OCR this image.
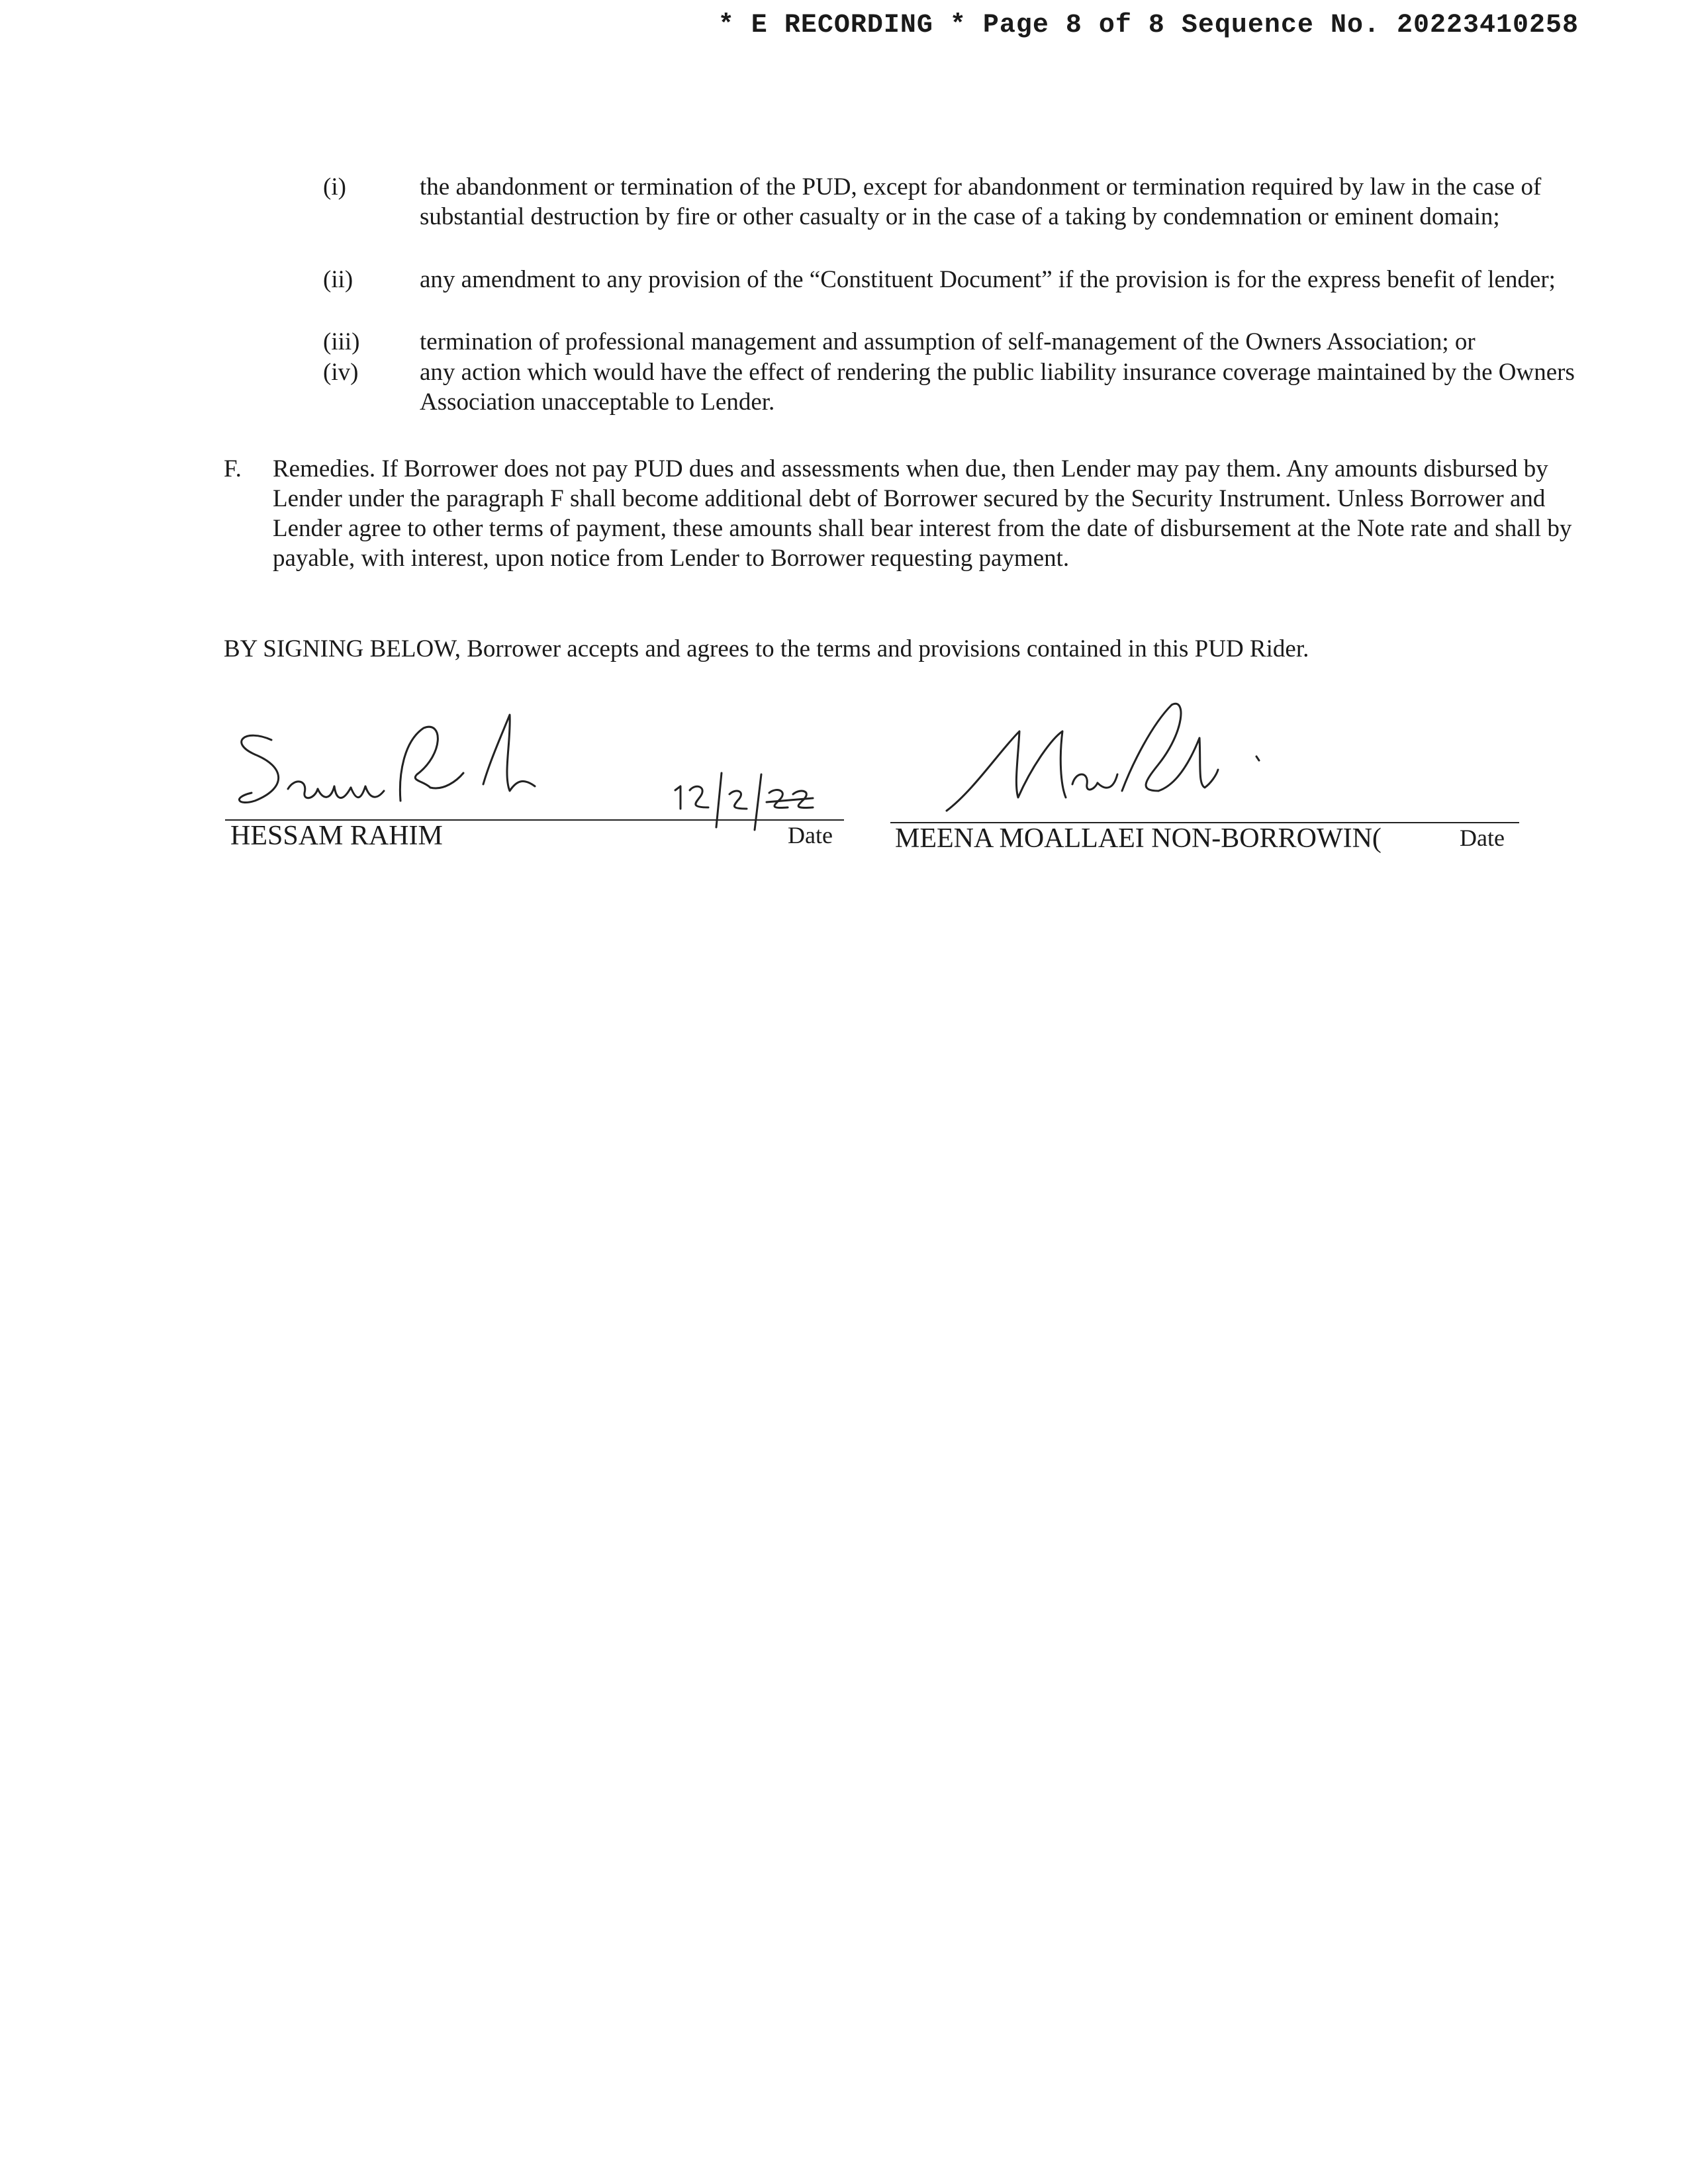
* E RECORDING * Page 8 of 8 Sequence No. 20223410258
(i)	the abandonment or termination of the PUD, except for abandonment or termination required by law in the case of substantial destruction by fire or other casualty or in the case of a taking by condemnation or eminent domain;
(ii)	any amendment to any provision of the “Constituent Document” if the provision is for the express benefit of lender;
(iii)	termination of professional management and assumption of self-management of the Owners Association; or
(iv)	any action which would have the effect of rendering the public liability insurance coverage maintained by the Owners Association unacceptable to Lender.
F. Remedies. If Borrower does not pay PUD dues and assessments when due, then Lender may pay them. Any amounts disbursed by Lender under the paragraph F shall become additional debt of Borrower secured by the Security Instrument. Unless Borrower and Lender agree to other terms of payment, these amounts shall bear interest from the date of disbursement at the Note rate and shall by payable, with interest, upon notice from Lender to Borrower requesting payment.
BY SIGNING BELOW, Borrower accepts and agrees to the terms and provisions contained in this PUD Rider.
HESSAM RAHIM	Date MEENA MOALLAEI NON-BORROWIN(	Date
